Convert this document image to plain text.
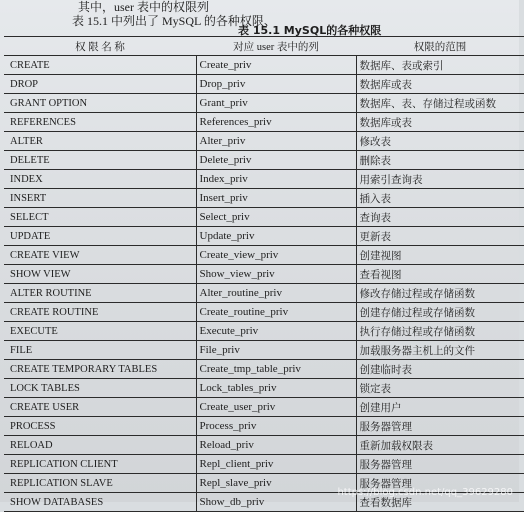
其中，user 表中的权限列
表 15.1 中列出了 MySQL 的各种权限、
表 15.1 MySQL的各种权限
权 限 名 称	对应 user 表中的列	权限的范围
CREATE	Create_priv	数据库、表或索引
DROP	Drop_priv	数据库或表
GRANT OPTION	Grant_priv	数据库、表、存储过程或函数
REFERENCES	References_priv	数据库或表
ALTER	Alter_priv	修改表
DELETE	Delete_priv	删除表
INDEX	Index_priv	用索引查询表
INSERT	Insert_priv	插入表
SELECT	Select_priv	查询表
UPDATE	Update_priv	更新表
CREATE VIEW	Create_view_priv	创建视图
SHOW VIEW	Show_view_priv	查看视图
ALTER ROUTINE	Alter_routine_priv	修改存储过程或存储函数
CREATE ROUTINE	Create_routine_priv	创建存储过程或存储函数
EXECUTE	Execute_priv	执行存储过程或存储函数
FILE	File_priv	加载服务器主机上的文件
CREATE TEMPORARY TABLES	Create_tmp_table_priv	创建临时表
LOCK TABLES	Lock_tables_priv	锁定表
CREATE USER	Create_user_priv	创建用户
PROCESS	Process_priv	服务器管理
RELOAD	Reload_priv	重新加载权限表
REPLICATION CLIENT	Repl_client_priv	服务器管理
REPLICATION SLAVE	Repl_slave_priv	服务器管理
SHOW DATABASES	Show_db_priv	查看数据库
https://blog.csdn.net/qq_39629280
